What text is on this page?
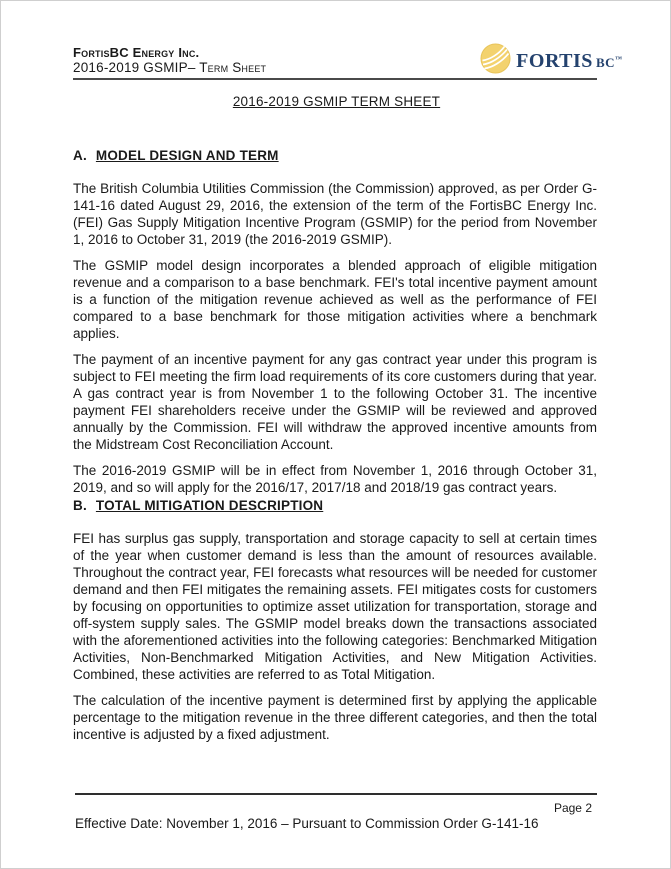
FortisBC Energy Inc.
2016-2019 GSMIP– Term Sheet	FORTIS BC ™
2016-2019 GSMIP TERM SHEET
A. MODEL DESIGN AND TERM

The British Columbia Utilities Commission (the Commission) approved, as per Order G-141-16 dated August 29, 2016, the extension of the term of the FortisBC Energy Inc. (FEI) Gas Supply Mitigation Incentive Program (GSMIP) for the period from November 1, 2016 to October 31, 2019 (the 2016-2019 GSMIP).

The GSMIP model design incorporates a blended approach of eligible mitigation revenue and a comparison to a base benchmark. FEI's total incentive payment amount is a function of the mitigation revenue achieved as well as the performance of FEI compared to a base benchmark for those mitigation activities where a benchmark applies.

The payment of an incentive payment for any gas contract year under this program is subject to FEI meeting the firm load requirements of its core customers during that year. A gas contract year is from November 1 to the following October 31. The incentive payment FEI shareholders receive under the GSMIP will be reviewed and approved annually by the Commission. FEI will withdraw the approved incentive amounts from the Midstream Cost Reconciliation Account.

The 2016-2019 GSMIP will be in effect from November 1, 2016 through October 31, 2019, and so will apply for the 2016/17, 2017/18 and 2018/19 gas contract years.

B. TOTAL MITIGATION DESCRIPTION

FEI has surplus gas supply, transportation and storage capacity to sell at certain times of the year when customer demand is less than the amount of resources available. Throughout the contract year, FEI forecasts what resources will be needed for customer demand and then FEI mitigates the remaining assets. FEI mitigates costs for customers by focusing on opportunities to optimize asset utilization for transportation, storage and off-system supply sales. The GSMIP model breaks down the transactions associated with the aforementioned activities into the following categories: Benchmarked Mitigation Activities, Non-Benchmarked Mitigation Activities, and New Mitigation Activities. Combined, these activities are referred to as Total Mitigation.

The calculation of the incentive payment is determined first by applying the applicable percentage to the mitigation revenue in the three different categories, and then the total incentive is adjusted by a fixed adjustment.

Page 2
Effective Date: November 1, 2016 – Pursuant to Commission Order G-141-16
